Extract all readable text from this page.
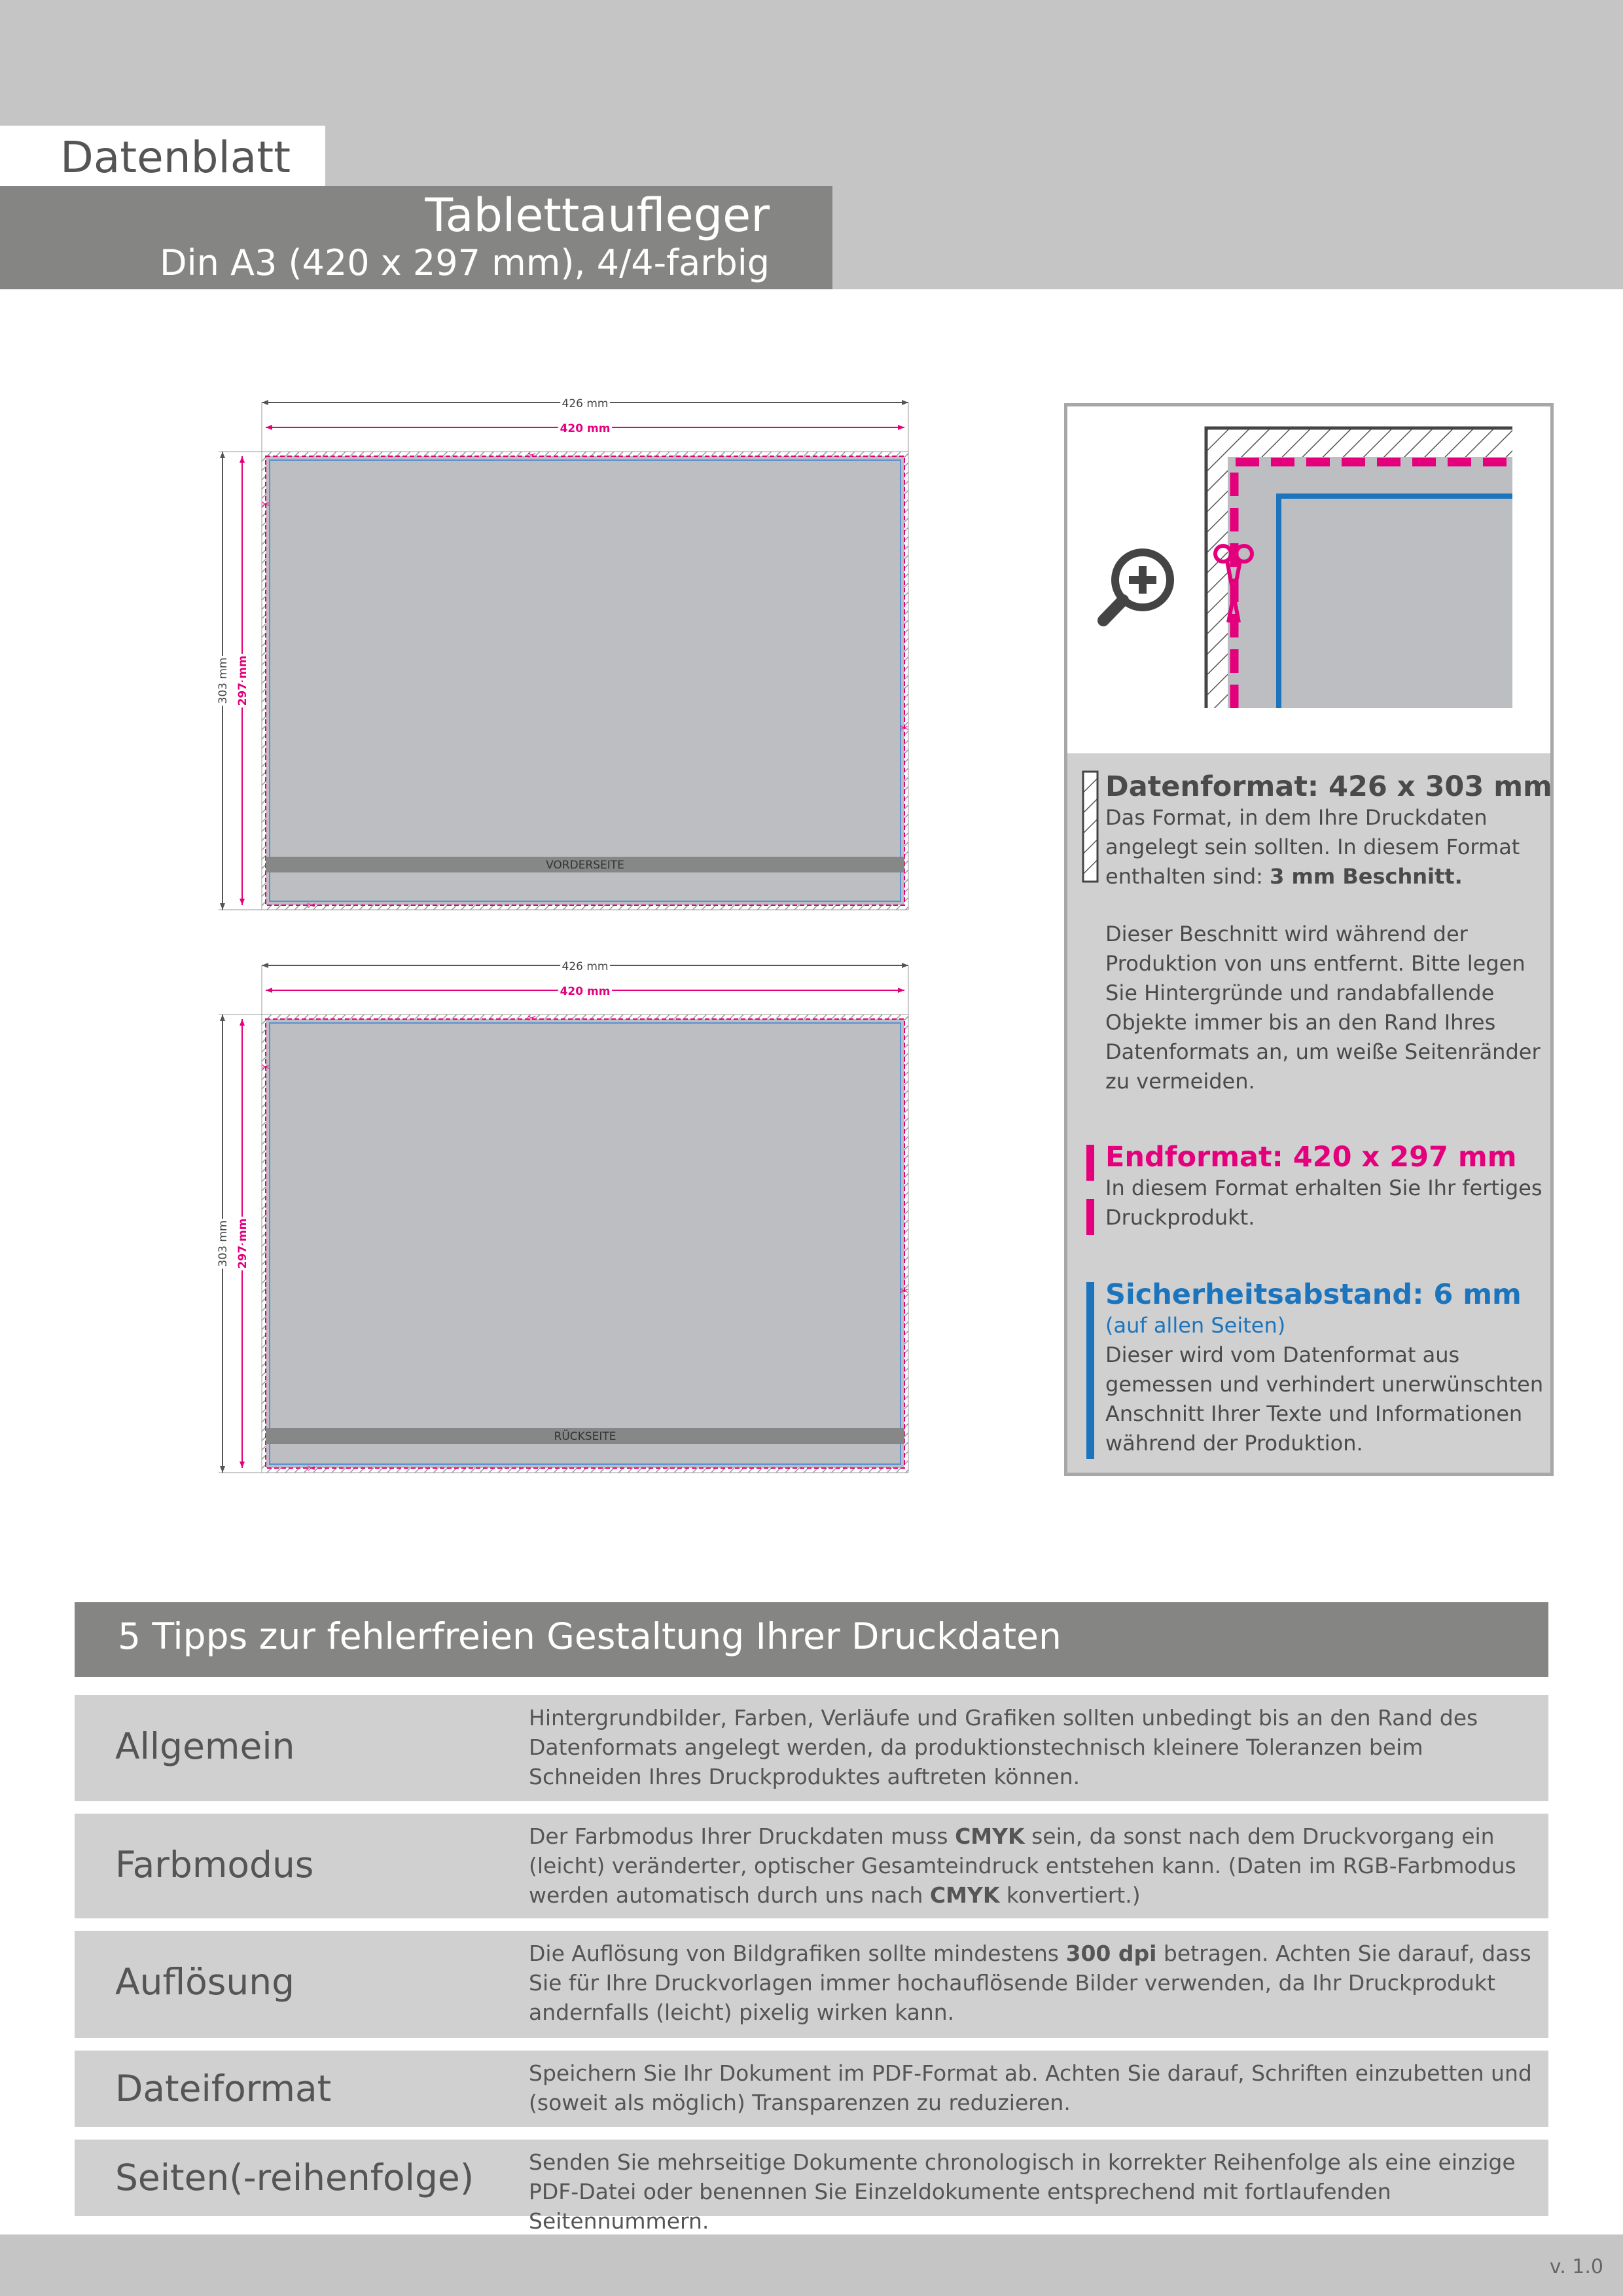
Datenblatt
Tablettaufleger
Din A3 (420 x 297 mm), 4/4-farbig
426 mm
420 mm
303 mm 297 mm
VORDERSEITE
✂
✂
✂
✂
426 mm
420 mm
303 mm 297 mm
RÜCKSEITE
✂
✂
✂
✂
Datenformat: 426 x 303 mm
Das Format, in dem Ihre Druckdaten angelegt sein sollten. In diesem Format enthalten sind: 3 mm Beschnitt.
Dieser Beschnitt wird während der Produktion von uns entfernt. Bitte legen Sie Hintergründe und randabfallende Objekte immer bis an den Rand Ihres Datenformats an, um weiße Seitenränder zu vermeiden.
Endformat: 420 x 297 mm
In diesem Format erhalten Sie Ihr fertiges Druckprodukt.
Sicherheitsabstand: 6 mm
(auf allen Seiten)
Dieser wird vom Datenformat aus gemessen und verhindert unerwünschten Anschnitt Ihrer Texte und Informationen während der Produktion.
5 Tipps zur fehlerfreien Gestaltung Ihrer Druckdaten
Allgemein
Hintergrundbilder, Farben, Verläufe und Grafiken sollten unbedingt bis an den Rand des Datenformats angelegt werden, da produktionstechnisch kleinere Toleranzen beim Schneiden Ihres Druckproduktes auftreten können.
Farbmodus
Der Farbmodus Ihrer Druckdaten muss CMYK sein, da sonst nach dem Druckvorgang ein (leicht) veränderter, optischer Gesamteindruck entstehen kann. (Daten im RGB-Farbmodus werden automatisch durch uns nach CMYK konvertiert.)
Auflösung
Die Auflösung von Bildgrafiken sollte mindestens 300 dpi betragen. Achten Sie darauf, dass Sie für Ihre Druckvorlagen immer hochauflösende Bilder verwenden, da Ihr Druckprodukt andernfalls (leicht) pixelig wirken kann.
Dateiformat	Speichern Sie Ihr Dokument im PDF-Format ab. Achten Sie darauf, Schriften einzubetten und (soweit als möglich) Transparenzen zu reduzieren.
Seiten(-reihenfolge)	Senden Sie mehrseitige Dokumente chronologisch in korrekter Reihenfolge als eine einzige PDF-Datei oder benennen Sie Einzeldokumente entsprechend mit fortlaufenden Seitennummern.
v. 1.0
